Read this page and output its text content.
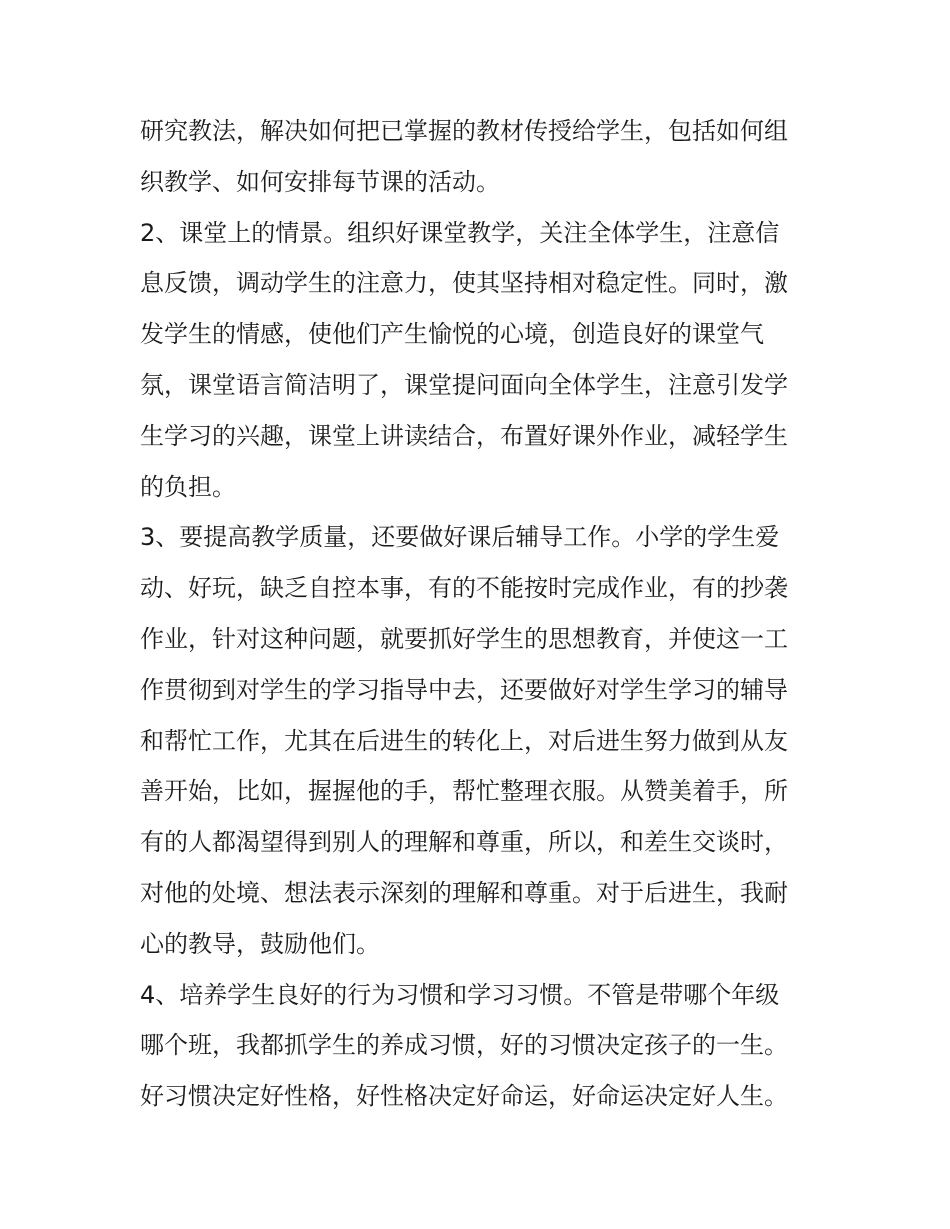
研究教法，解决如何把已掌握的教材传授给学生，包括如何组
织教学、如何安排每节课的活动。
2、课堂上的情景。组织好课堂教学，关注全体学生，注意信
息反馈，调动学生的注意力，使其坚持相对稳定性。同时，激
发学生的情感，使他们产生愉悦的心境，创造良好的课堂气
氛，课堂语言简洁明了，课堂提问面向全体学生，注意引发学
生学习的兴趣，课堂上讲读结合，布置好课外作业，减轻学生
的负担。
3、要提高教学质量，还要做好课后辅导工作。小学的学生爱
动、好玩，缺乏自控本事，有的不能按时完成作业，有的抄袭
作业，针对这种问题，就要抓好学生的思想教育，并使这一工
作贯彻到对学生的学习指导中去，还要做好对学生学习的辅导
和帮忙工作，尤其在后进生的转化上，对后进生努力做到从友
善开始，比如，握握他的手，帮忙整理衣服。从赞美着手，所
有的人都渴望得到别人的理解和尊重，所以，和差生交谈时，
对他的处境、想法表示深刻的理解和尊重。对于后进生，我耐
心的教导，鼓励他们。
4、培养学生良好的行为习惯和学习习惯。不管是带哪个年级
哪个班，我都抓学生的养成习惯，好的习惯决定孩子的一生。
好习惯决定好性格，好性格决定好命运，好命运决定好人生。
